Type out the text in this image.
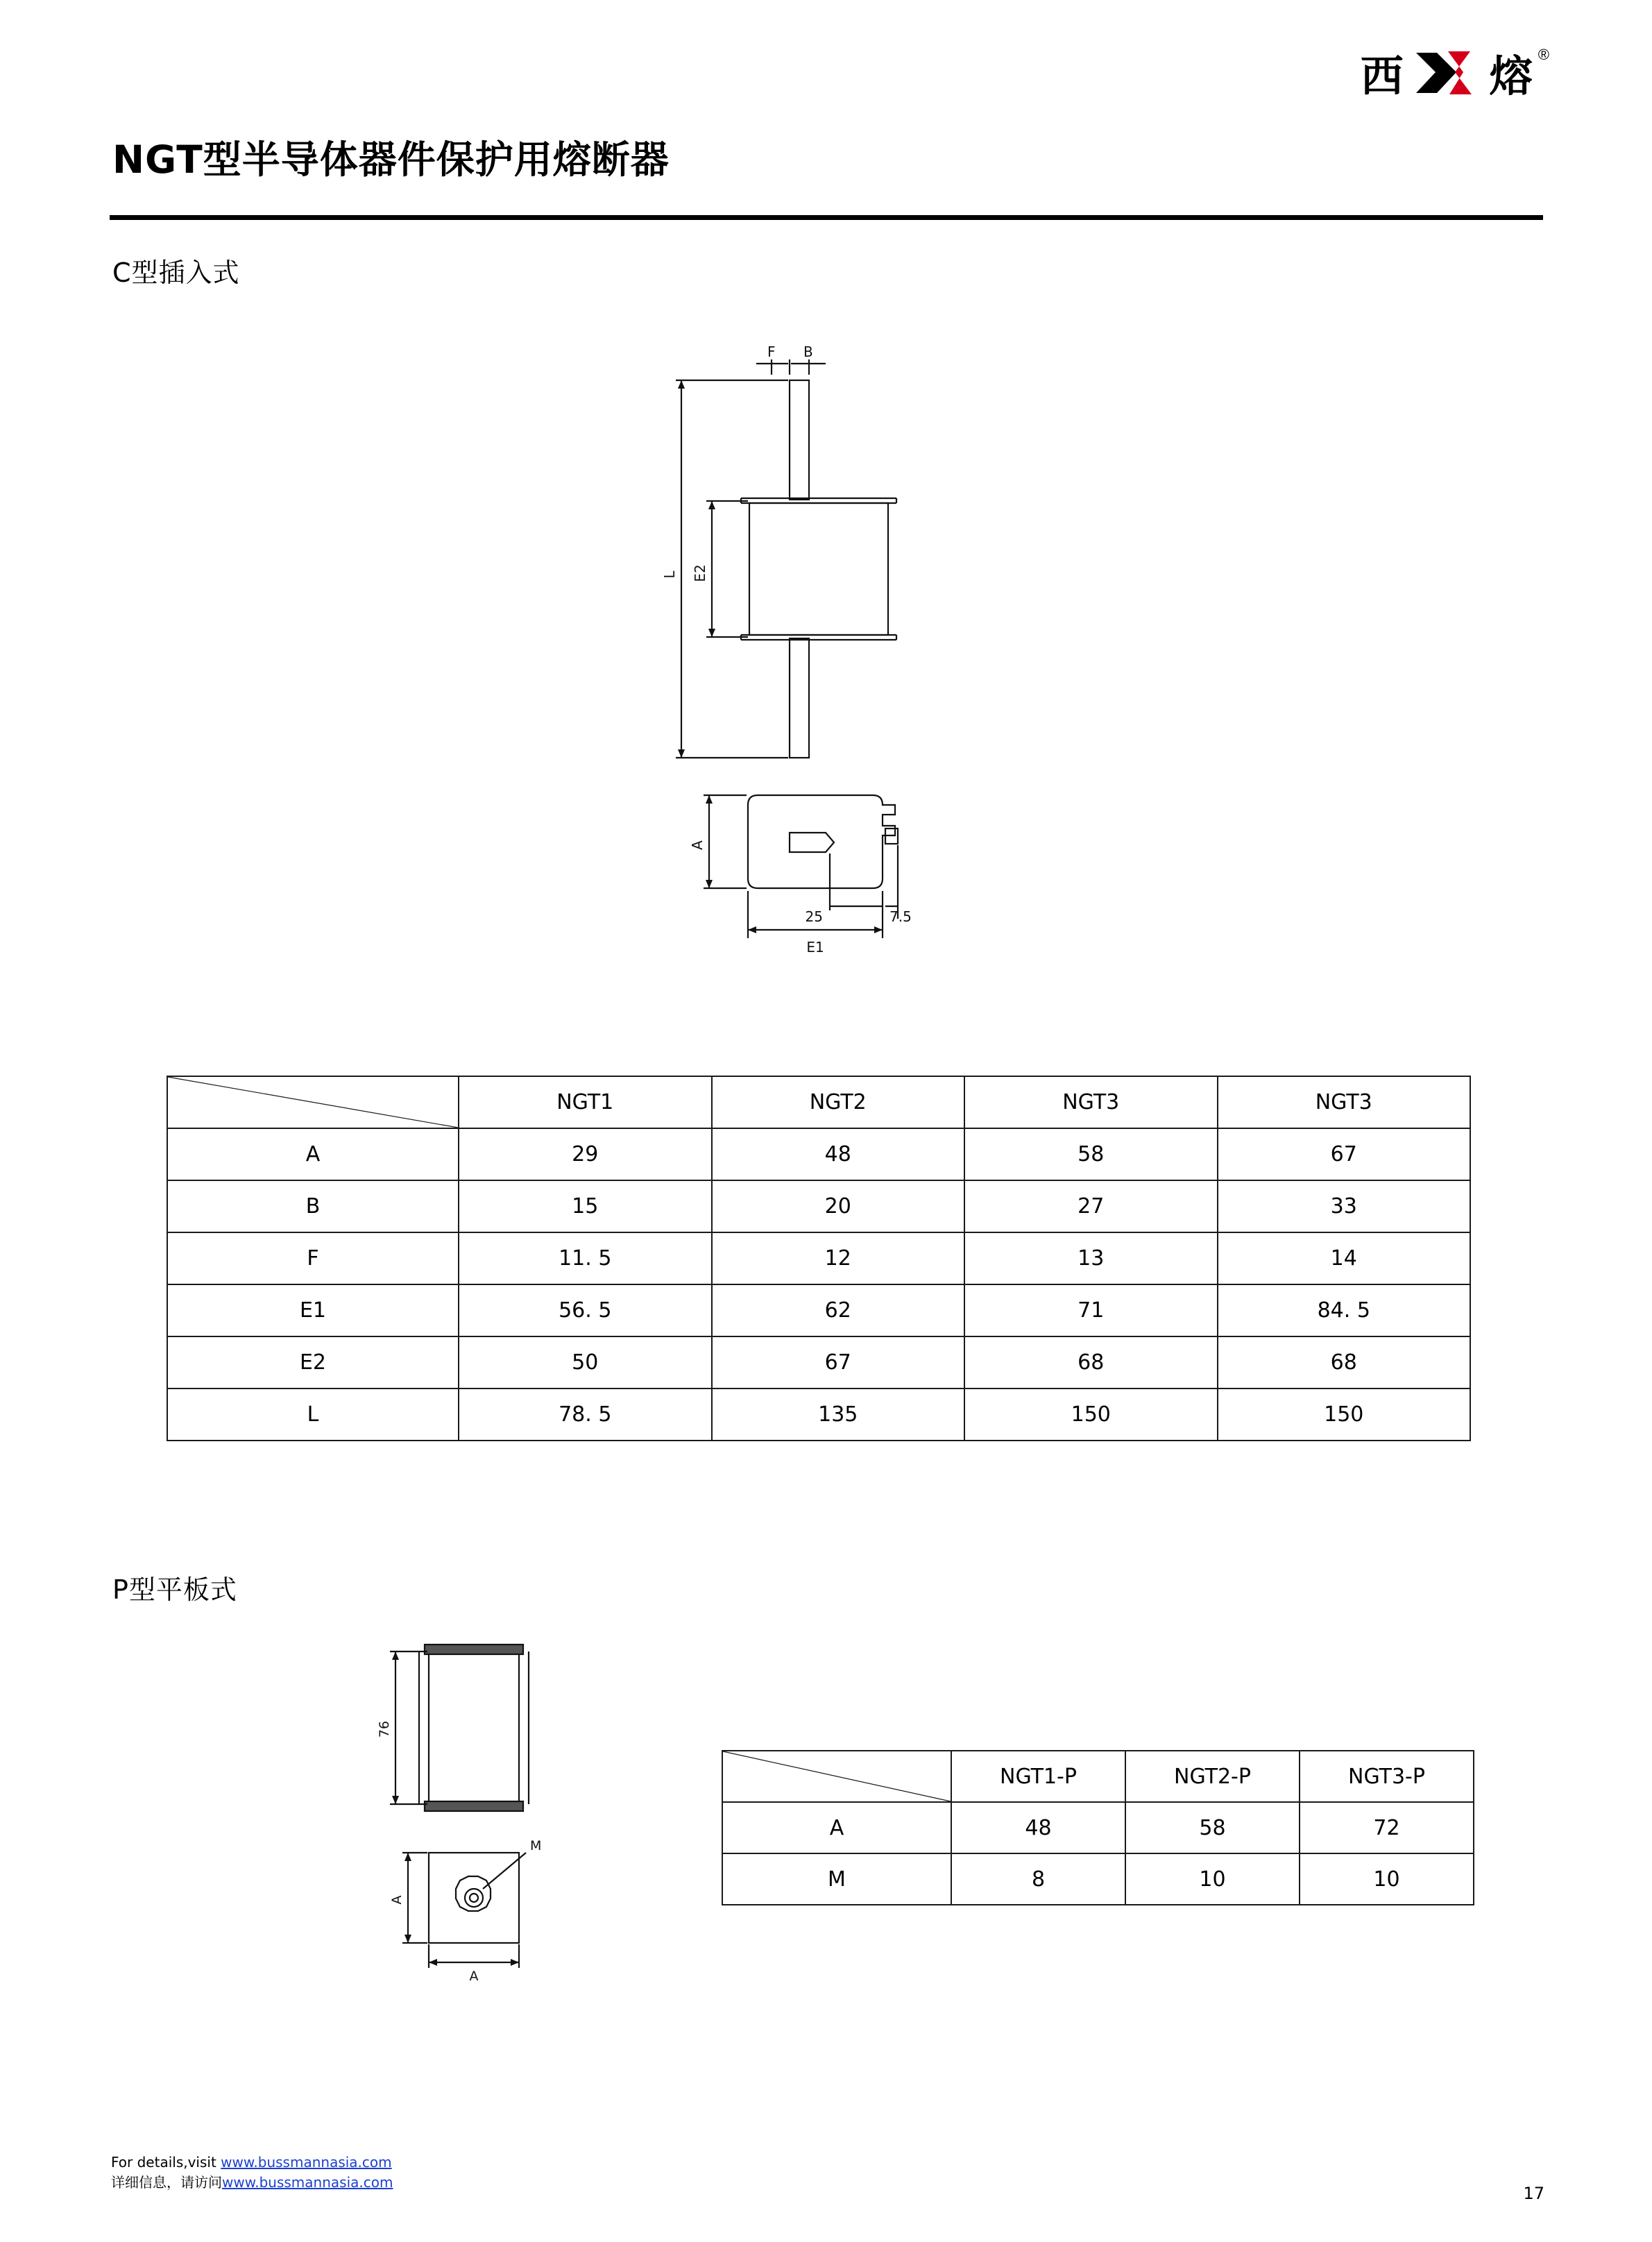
西 熔 ®
NGT型半导体器件保护用熔断器
C型插入式
F B
L E2
A
E1
25	7.5
	NGT1	NGT2	NGT3	NGT3
A	29	48	58	67
B	15	20	27	33
F	11. 5	12	13	14
E1	56. 5	62	71	84. 5
E2	50	67	68	68
L	78. 5	135	150	150
P型平板式
76
M
A
A
	NGT1-P	NGT2-P	NGT3-P
A	48	58	72
M	8	10	10
For details,visit www.bussmannasia.com
详细信息，请访问www.bussmannasia.com
17
